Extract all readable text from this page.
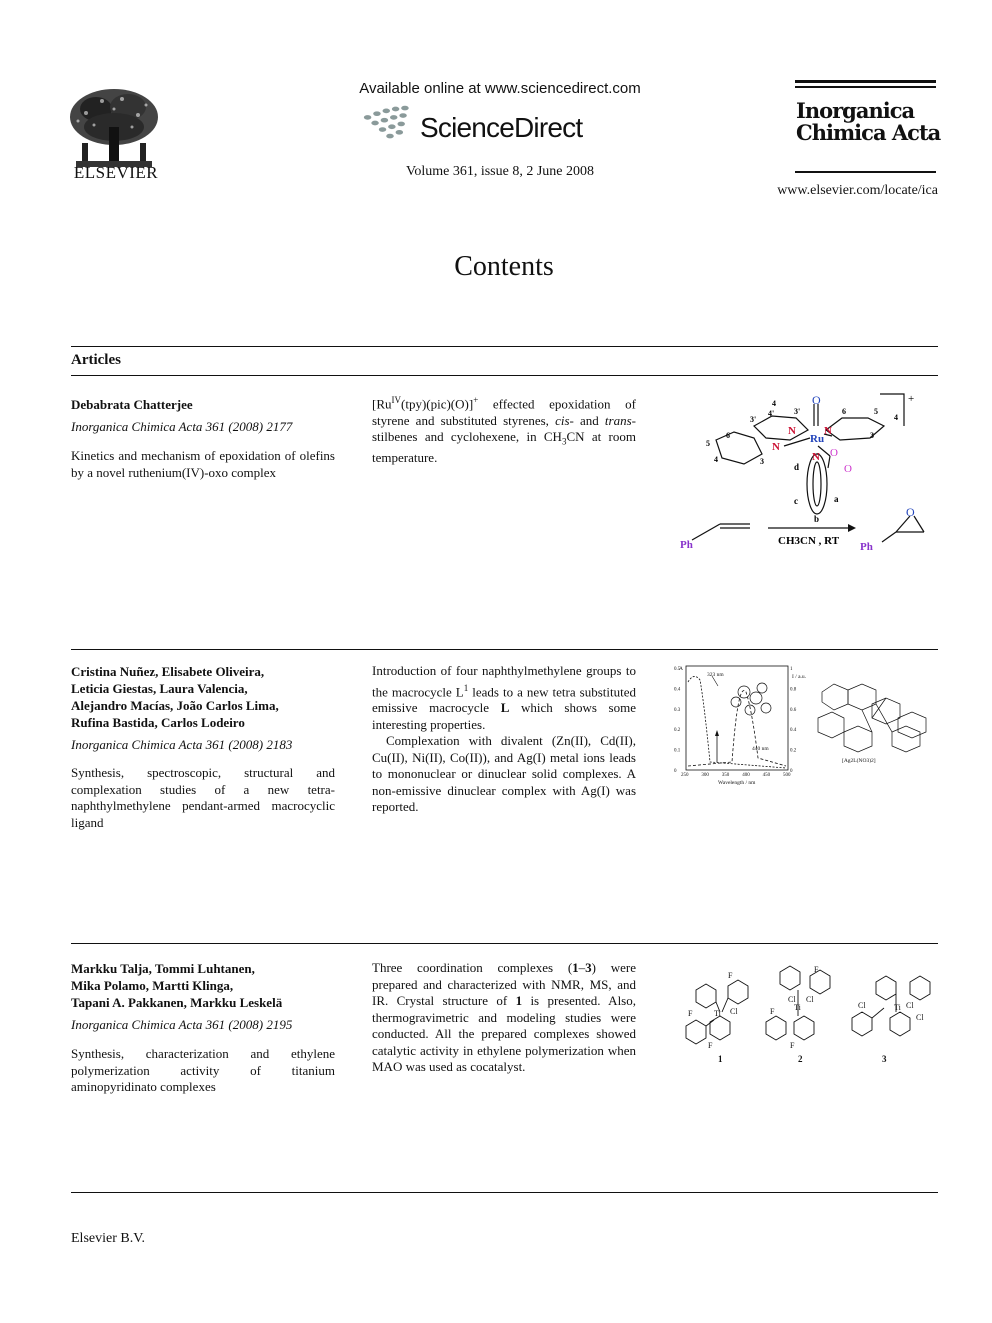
ELSEVIER
Available online at www.sciencedirect.com
ScienceDirect
Volume 361, issue 8, 2 June 2008
Inorganica
Chimica Acta
www.elsevier.com/locate/ica
Contents
Articles
Debabrata Chatterjee
Inorganica Chimica Acta 361 (2008) 2177
Kinetics and mechanism of epoxidation of olefins by a novel ruthenium(IV)-oxo complex

$[Ru^{IV}(tpy)(pic)(O)]^+$ effected epoxidation of styrene and substituted styrenes, cis- and trans-stilbenes and cyclohexene, in $CH_3CN$ at room temperature.

+
Ru
O
N	N
N
N O
O
3'
4'
4
3'	6	5
4
3
6
5
4	3
d
c
b
a
Ph	CH3CN , RT Ph
O
Cristina Nuñez, Elisabete Oliveira,
Leticia Giestas, Laura Valencia,
Alejandro Macías, João Carlos Lima,
Rufina Bastida, Carlos Lodeiro
Inorganica Chimica Acta 361 (2008) 2183
Synthesis, spectroscopic, structural and complexation studies of a new tetra-naphthylmethylene pendant-armed macrocyclic ligand

Introduction of four naphthylmethylene groups to the macrocycle $L^1$ leads to a new tetra substituted emissive macrocycle L which shows some interesting properties.

Complexation with divalent (Zn(II), Cd(II), Cu(II), Ni(II), Co(II)), and Ag(I) metal ions leads to mononuclear or dinuclear solid complexes. A non-emissive dinuclear complex with Ag(I) was reported.

A
I / a.u.
Wavelength / nm
323 nm
440 nm
[Ag2L(NO3)2]
250	300	350	400	450	500
0.5
0.4
0.3
0.2
0.1
0
1
0.8
0.6
0.4
0.2
0
Markku Talja, Tommi Luhtanen,
Mika Polamo, Martti Klinga,
Tapani A. Pakkanen, Markku Leskelä
Inorganica Chimica Acta 361 (2008) 2195
Synthesis, characterization and ethylene polymerization activity of titanium aminopyridinato complexes

Three coordination complexes (1–3) were prepared and characterized with NMR, MS, and IR. Crystal structure of 1 is presented. Also, thermogravimetric and modeling studies were conducted. All the prepared complexes showed catalytic activity in ethylene polymerization when MAO was used as cocatalyst.

F
Cl
Ti
F
F
F
Cl
Ti
Cl
F
F
Cl	Ti Cl
Cl
1	2	3
Elsevier B.V.
